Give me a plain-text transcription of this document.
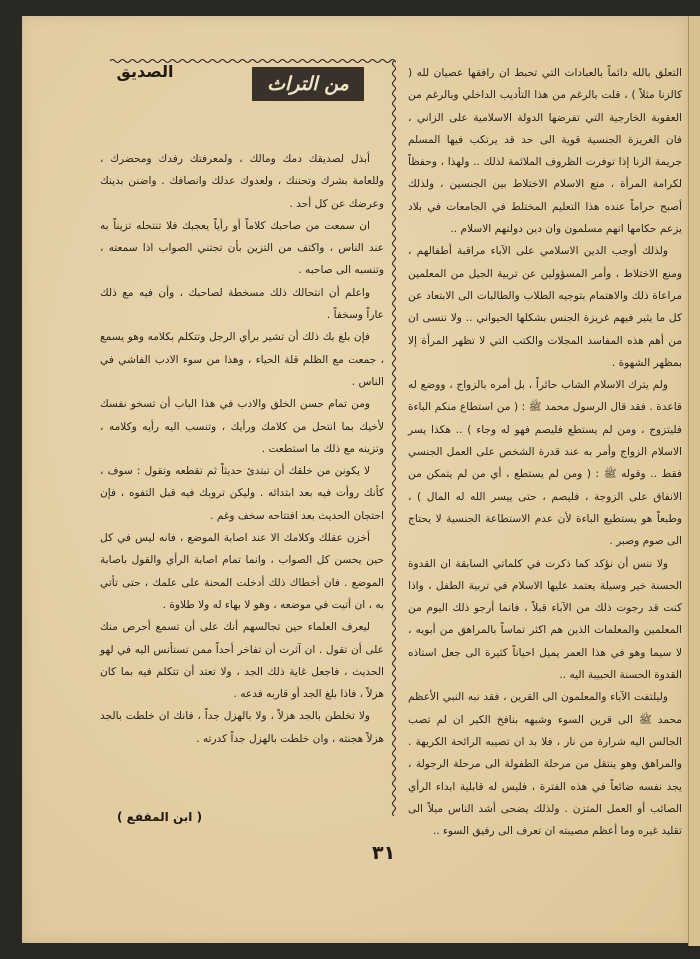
التعلق بالله دائماً بالعبادات التي تحبط ان رافقها عصيان لله ( كالزنا مثلاً ) ، قلت بالرغم من هذا التأديب الداخلي وبالرغم من العقوبة الخارجية التي تفرضها الدولة الاسلامية على الزاني ، فان الغريزة الجنسية قوية الى حد قد يرتكب فيها المسلم جريمة الزنا إذا توفرت الظروف الملائمة لذلك .. ولهذا ، وحفظاً لكرامة المرأة ، منع الاسلام الاختلاط بين الجنسين ، ولذلك أصبح حراماً عنده هذا التعليم المختلط في الجامعات في بلاد يزعم حكامها انهم مسلمون وان دين دولتهم الاسلام ..

ولذلك أوجب الدين الاسلامي على الآباء مراقبة أطفالهم ، ومنع الاختلاط ، وأمر المسؤولين عن تربية الجيل من المعلمين مراعاة ذلك والاهتمام بتوجيه الطلاب والطالبات الى الابتعاد عن كل ما يثير فيهم غريزة الجنس بشكلها الحيواني .. ولا ننسى ان من أهم هذه المفاسد المجلات والكتب التي لا تظهر المرأة إلا بمظهر الشهوة .

ولم يترك الاسلام الشاب حائراً ، بل أمره بالزواج ، ووضع له قاعدة . فقد قال الرسول محمد ﷺ : ( من استطاع منكم الباءة فليتزوج ، ومن لم يستطع فليصم فهو له وجاء ) .. هكذا يسر الاسلام الزواج وأمر به عند قدرة الشخص على العمل الجنسي فقط .. وقوله ﷺ : ( ومن لم يستطع ، أي من لم يتمكن من الانفاق على الزوجة ، فليصم ، حتى ييسر الله له المال ) ، وطبعاً هو يستطيع الباءة لأن عدم الاستطاعة الجنسية لا يحتاج الى صوم وصبر .

ولا ننس أن نؤكد كما ذكرت في كلماتي السابقة ان القدوة الحسنة خير وسيلة يعتمد عليها الاسلام في تربية الطفل ، واذا كنت قد رجوت ذلك من الآباء قبلاً ، فانما أرجو ذلك اليوم من المعلمين والمعلمات الذين هم اكثر تماساً بالمراهق من أبويه ، لا سيما وهو في هذا العمر يميل احياناً كثيرة الى جعل استاذه القدوة الحسنة الحبيبة اليه ..

وليلتفت الآباء والمعلمون الى القرين ، فقد نبه النبي الأعظم محمد ﷺ الى قرين السوء وشبهه بنافخ الكير ان لم تصب الجالس اليه شرارة من نار ، فلا بد ان تصيبه الرائحة الكريهة . والمراهق وهو ينتقل من مرحلة الطفولة الى مرحلة الرجولة ، يجد نفسه ضائعاً في هذه الفترة ، فليس له قابلية ابداء الرأي الصائب أو العمل المتزن . ولذلك يضحى أشد الناس ميلاً الى تقليد غيره وما أعظم مصيبته ان تعرف الى رفيق السوء ..

من التراث
الصديق

أبذل لصديقك دمك ومالك ، ولمعرفتك رفدك ومحضرك ، وللعامة بشرك وتحننك ، ولعدوك عدلك وانصافك . واضنن بدينك وعرضك عن كل أحد .

ان سمعت من صاحبك كلاماً أو رأياً يعجبك فلا تنتحله تزيناً به عند الناس ، واكتف من التزين بأن تجتني الصواب اذا سمعته ، وتنسبه الى صاحبه .

واعلم أن انتحالك ذلك مسخطة لصاحبك ، وأن فيه مع ذلك عاراً وسخفاً .

فإن بلغ بك ذلك أن تشير برأي الرجل وتتكلم بكلامه وهو يسمع ، جمعت مع الظلم قلة الحياء ، وهذا من سوء الادب الفاشي في الناس .

ومن تمام حسن الخلق والادب في هذا الباب أن تسخو نفسك لأخيك بما انتحل من كلامك ورأيك ، وتنسب اليه رأيه وكلامه ، وتزينه مع ذلك ما استطعت .

لا يكونن من خلقك أن تبتدئ حديثاً ثم تقطعه وتقول : سوف ، كأنك روأت فيه بعد ابتدائه . وليكن تروبك فيه قبل التفوه ، فإن احتجان الحديث بعد افتتاحه سخف وغم .

أخزن عقلك وكلامك الا عند اصابة الموضع ، فانه ليس في كل حين يحسن كل الصواب ، وانما تمام اصابة الرأي والقول باصابة الموضع . فان أخطاك ذلك أدخلت المحنة على علمك ، حتى تأتي به ، ان أتيت في موضعه ، وهو لا بهاء له ولا طلاوة .

ليعرف العلماء حين تجالسهم أنك على أن تسمع أحرص منك على أن تقول . ان آثرت أن تفاخر أحداً ممن تستأنس اليه في لهو الحديث ، فاجعل غاية ذلك الجد ، ولا تعتد أن تتكلم فيه بما كان هزلاً ، فاذا بلغ الجد أو قاربه فدعه .

ولا تخلطن بالجد هزلاً ، ولا بالهزل جداً ، فانك ان خلطت بالجد هزلاً هجنته ، وان خلطت بالهزل جداً كدرته .

( ابن المقفع )
٣١
